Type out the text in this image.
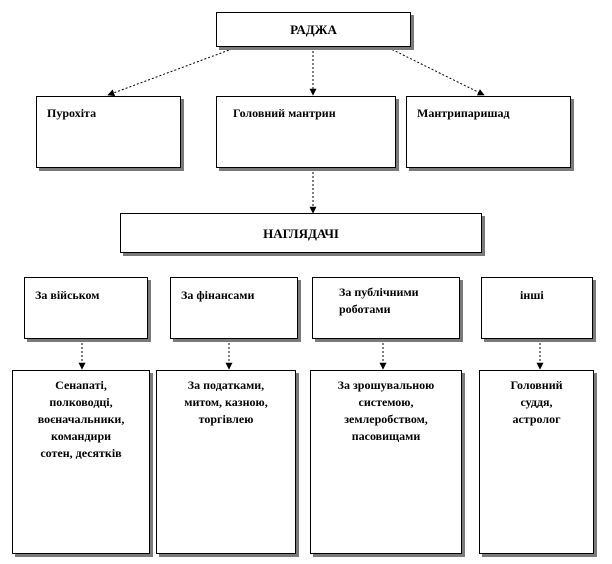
РАДЖА
Пурохіта	Головний мантрин	Мантрипаришад
НАГЛЯДАЧІ
За військом	За фінансами	За публічними
роботами
інші
Сенапаті,
полководці,
воєначальники,
командири
сотен, десятків
За податками,
митом, казною,
торгівлею
За зрошувальною
системою,
землеробством,
пасовищами
Головний
суддя,
астролог
